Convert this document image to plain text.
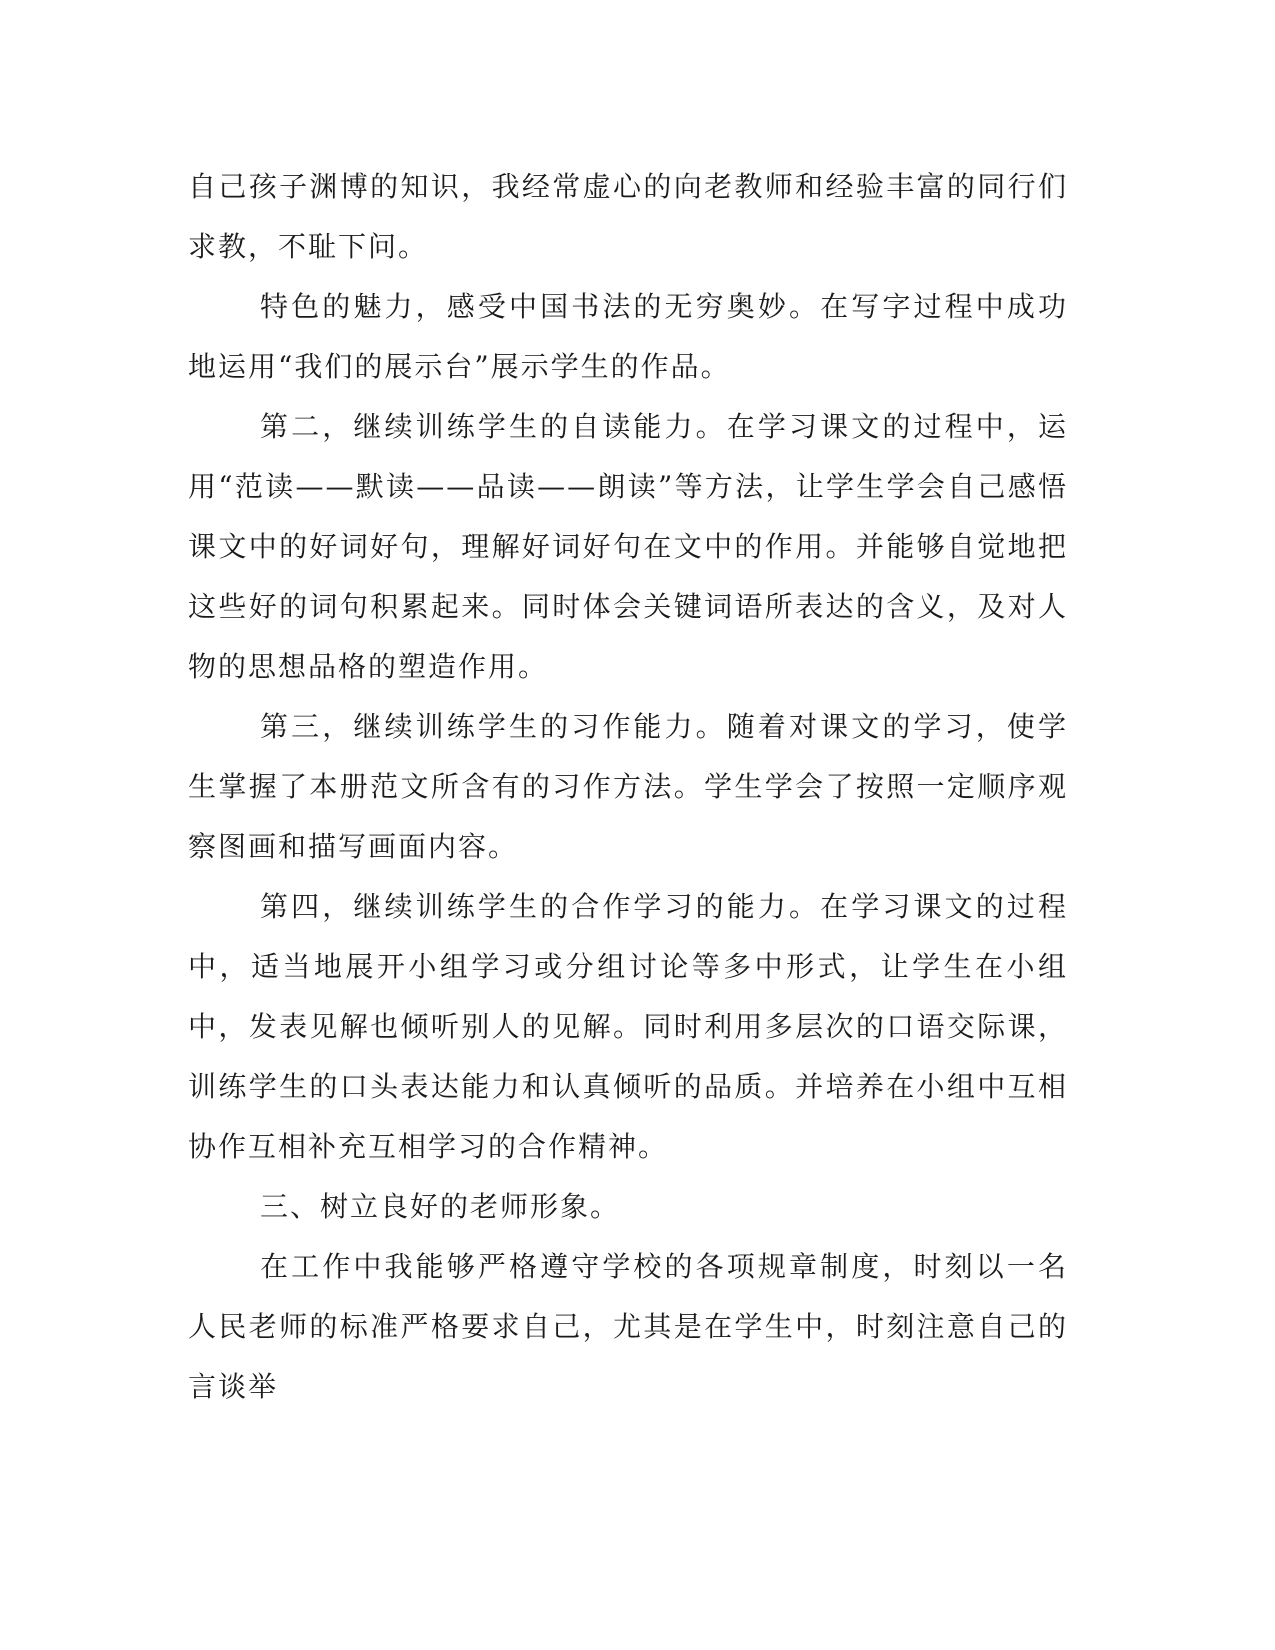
自己孩子渊博的知识，我经常虚心的向老教师和经验丰富的同行们求教，不耻下问。

特色的魅力，感受中国书法的无穷奥妙。在写字过程中成功地运用“我们的展示台”展示学生的作品。

第二，继续训练学生的自读能力。在学习课文的过程中，运用“范读——默读——品读——朗读”等方法，让学生学会自己感悟课文中的好词好句，理解好词好句在文中的作用。并能够自觉地把这些好的词句积累起来。同时体会关键词语所表达的含义，及对人物的思想品格的塑造作用。

第三，继续训练学生的习作能力。随着对课文的学习，使学生掌握了本册范文所含有的习作方法。学生学会了按照一定顺序观察图画和描写画面内容。

第四，继续训练学生的合作学习的能力。在学习课文的过程中，适当地展开小组学习或分组讨论等多中形式，让学生在小组中，发表见解也倾听别人的见解。同时利用多层次的口语交际课，训练学生的口头表达能力和认真倾听的品质。并培养在小组中互相协作互相补充互相学习的合作精神。

三、树立良好的老师形象。

在工作中我能够严格遵守学校的各项规章制度，时刻以一名人民老师的标准严格要求自己，尤其是在学生中，时刻注意自己的言谈举
